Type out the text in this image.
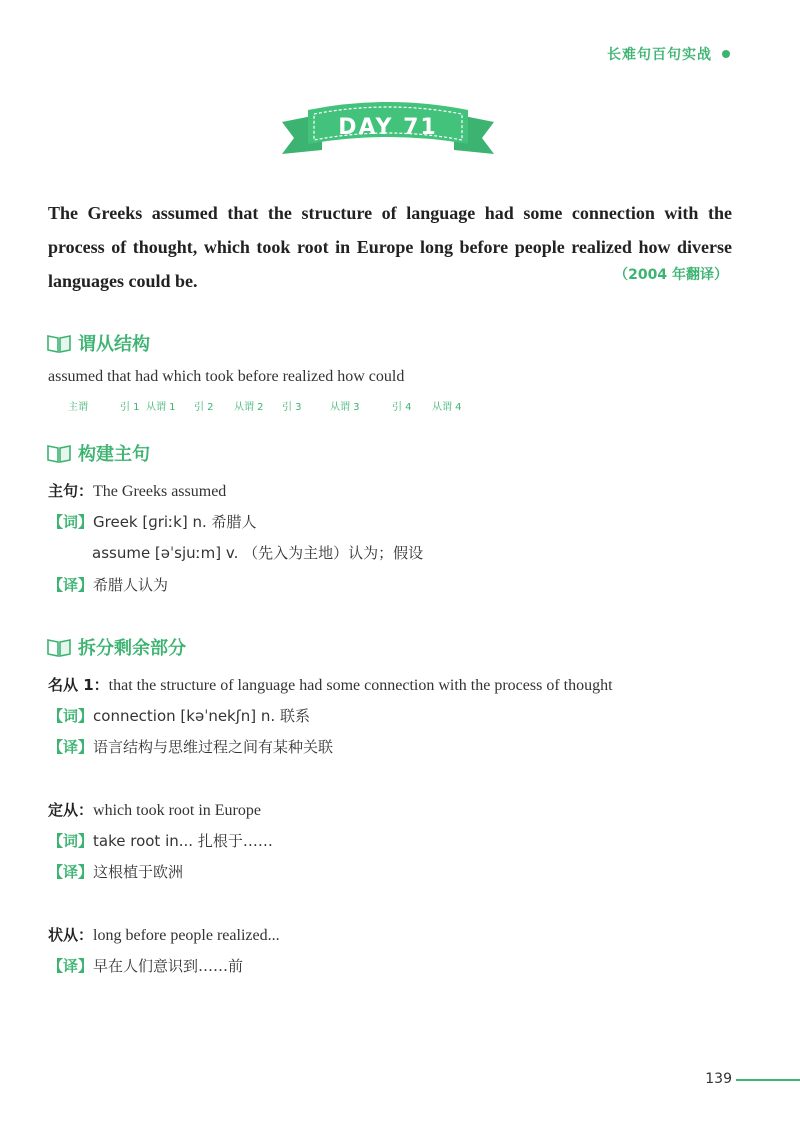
长难句百句实战
DAY 71
The Greeks assumed that the structure of language had some connection with the process of thought, which took root in Europe long before people realized how diverse languages could be.	（2004 年翻译）
谓从结构
assumed that had which took before realized how could
主谓	引 1 从谓 1 引 2 从谓 2 引 3	从谓 3	引 4 从谓 4
构建主句
主句：The Greeks assumed
【词】Greek [ɡriːk] n. 希腊人
assume [əˈsjuːm] v. （先入为主地）认为；假设
【译】希腊人认为
拆分剩余部分
名从 1：that the structure of language had some connection with the process of thought
【词】connection [kəˈnekʃn] n. 联系
【译】语言结构与思维过程之间有某种关联
定从：which took root in Europe
【词】take root in... 扎根于……
【译】这根植于欧洲
状从：long before people realized...
【译】早在人们意识到……前
139
